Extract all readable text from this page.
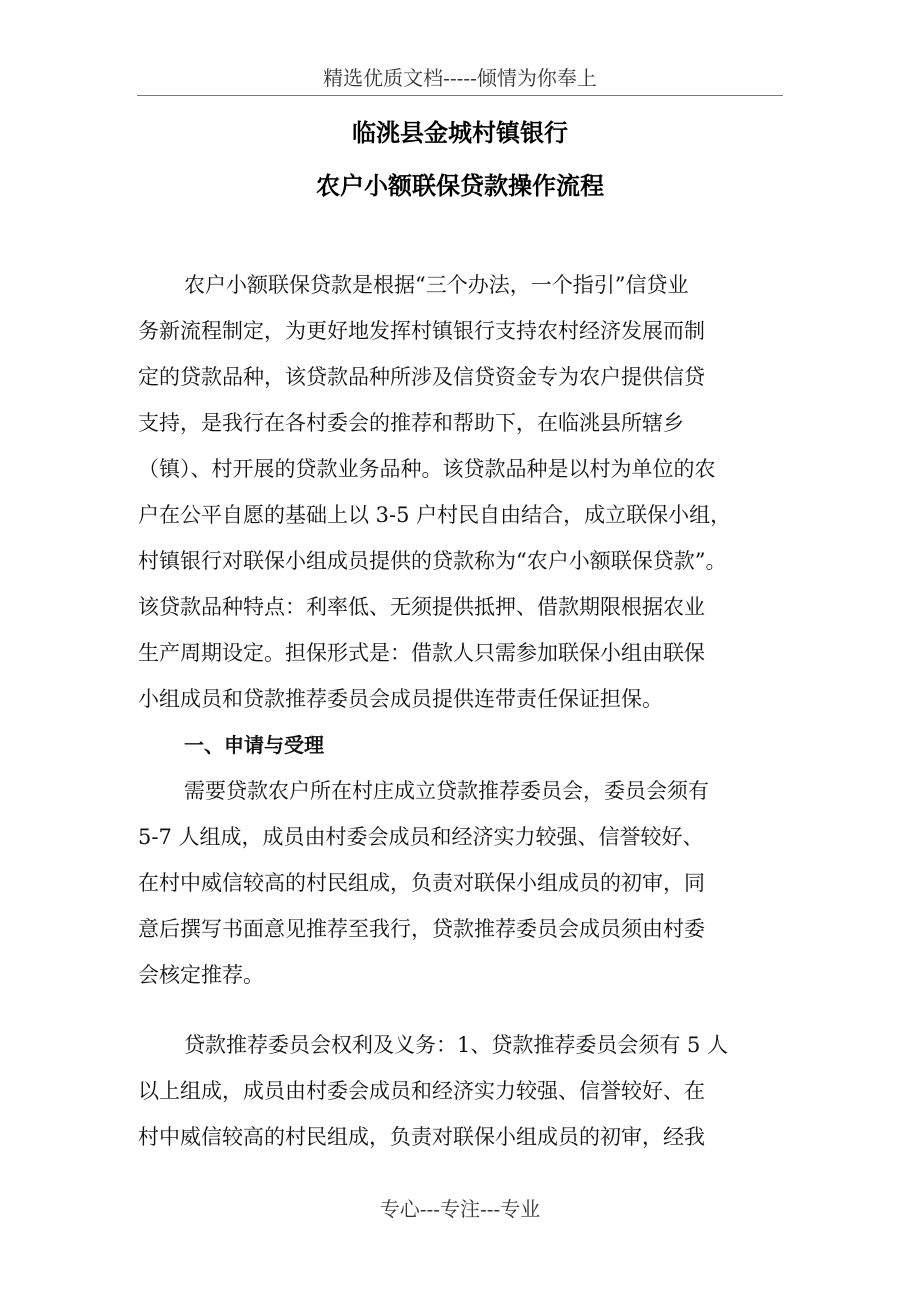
精选优质文档-----倾情为你奉上
临洮县金城村镇银行
农户小额联保贷款操作流程
农户小额联保贷款是根据“三个办法，一个指引”信贷业
务新流程制定，为更好地发挥村镇银行支持农村经济发展而制
定的贷款品种，该贷款品种所涉及信贷资金专为农户提供信贷
支持，是我行在各村委会的推荐和帮助下，在临洮县所辖乡
（镇）、村开展的贷款业务品种。该贷款品种是以村为单位的农
户在公平自愿的基础上以 3-5 户村民自由结合，成立联保小组，
村镇银行对联保小组成员提供的贷款称为“农户小额联保贷款”。
该贷款品种特点：利率低、无须提供抵押、借款期限根据农业
生产周期设定。担保形式是：借款人只需参加联保小组由联保
小组成员和贷款推荐委员会成员提供连带责任保证担保。
一、申请与受理
需要贷款农户所在村庄成立贷款推荐委员会，委员会须有
5-7 人组成，成员由村委会成员和经济实力较强、信誉较好、
在村中威信较高的村民组成，负责对联保小组成员的初审，同
意后撰写书面意见推荐至我行，贷款推荐委员会成员须由村委
会核定推荐。
贷款推荐委员会权利及义务：1、贷款推荐委员会须有 5 人
以上组成，成员由村委会成员和经济实力较强、信誉较好、在
村中威信较高的村民组成，负责对联保小组成员的初审，经我
专心---专注---专业
